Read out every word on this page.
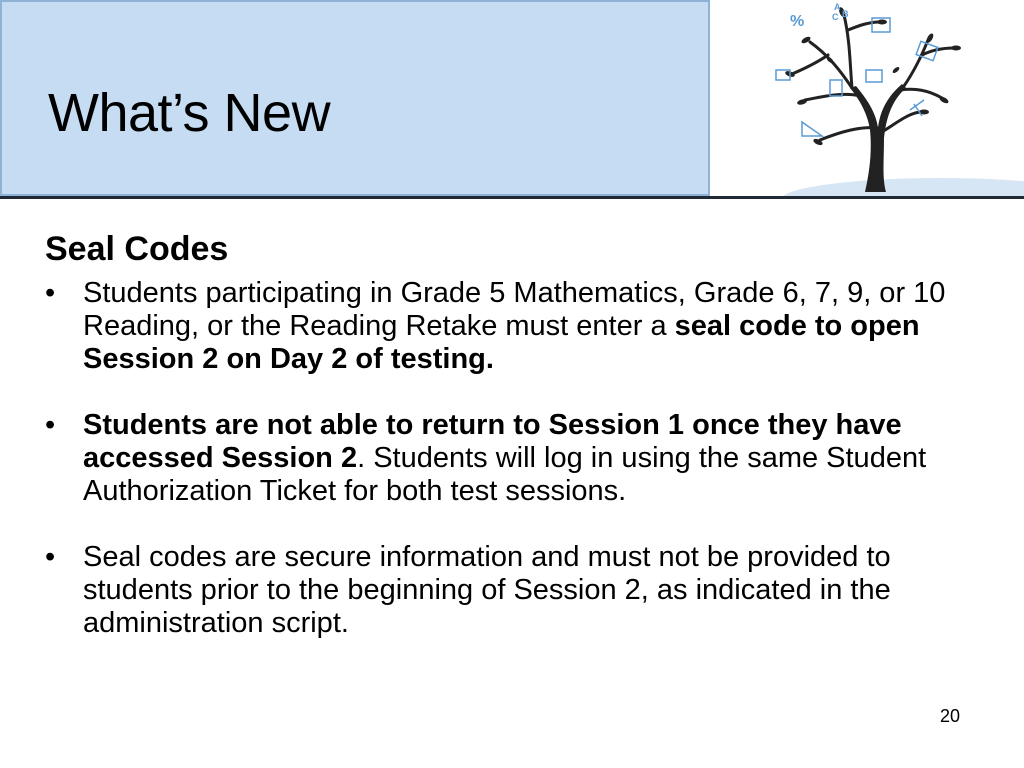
What’s New
%
A
C B
Seal Codes
• Students participating in Grade 5 Mathematics, Grade 6, 7, 9, or 10 Reading, or the Reading Retake must enter a seal code to open Session 2 on Day 2 of testing.
• Students are not able to return to Session 1 once they have accessed Session 2. Students will log in using the same Student Authorization Ticket for both test sessions.
• Seal codes are secure information and must not be provided to students prior to the beginning of Session 2, as indicated in the administration script.
20
